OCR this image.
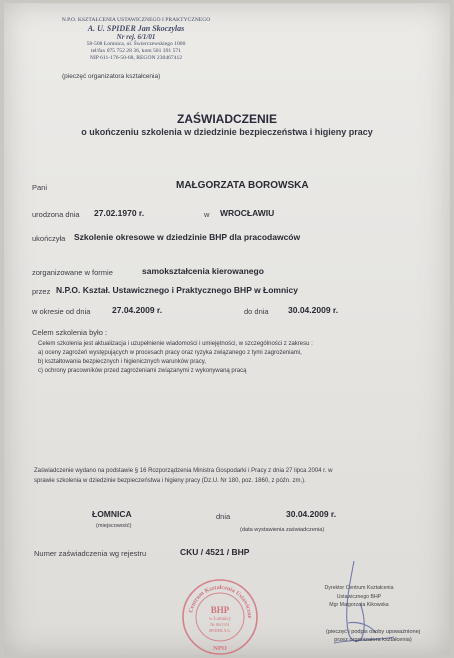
N.P.O. KSZTAŁCENIA USTAWICZNEGO I PRAKTYCZNEGO
A. U. SPIDER Jan Skoczylas
Nr rej. 6/1/01
58-508 Łomnica, ul. Świerczewskiego 1000
tel/fax 075 752 28 36, kom 501 391 571
NIP 611-176-50-68, REGON 230467412
(pieczęć organizatora kształcenia)
ZAŚWIADCZENIE
o ukończeniu szkolenia w dziedzinie bezpieczeństwa i higieny pracy
Pani	MAŁGORZATA BOROWSKA
urodzona dnia 27.02.1970 r.	w WROCŁAWIU
ukończyła Szkolenie okresowe w dziedzinie BHP dla pracodawców
zorganizowane w formie	samokształcenia kierowanego
przez N.P.O. Kształ. Ustawicznego i Praktycznego BHP w Łomnicy
w okresie od dnia	27.04.2009 r.	do dnia 30.04.2009 r.
Celem szkolenia było :
Celem szkolenia jest aktualizacja i uzupełnienie wiadomości i umiejętności, w szczególności z zakresu :
a) oceny zagrożeń występujących w procesach pracy oraz ryzyka związanego z tymi zagrożeniami,
b) kształtowania bezpiecznych i higienicznych warunków pracy,
c) ochrony pracowników przed zagrożeniami związanymi z wykonywaną pracą
Zaświadczenie wydano na podstawie § 16 Rozporządzenia Ministra Gospodarki i Pracy z dnia 27 lipca 2004 r. w
sprawie szkolenia w dziedzinie bezpieczeństwa i higieny pracy (Dz.U. Nr 180, poz. 1860, z późn. zm.).
ŁOMNICA
(miejscowość)
dnia	30.04.2009 r.
(data wystawienia zaświadczenia)
Numer zaświadczenia wg rejestru	CKU / 4521 / BHP
Centrum Kształcenia Ustawiczne
NPO
BHP
w Łomnicy
Nr 06/1/01
SPIDER A.U.
Dyrektor Centrum Kształcenia
Ustawicznego BHP
Mgr Małgorzata Kikowska
(pieczęć i podpis osoby upoważnionej
przez organizatora kształcenia)
